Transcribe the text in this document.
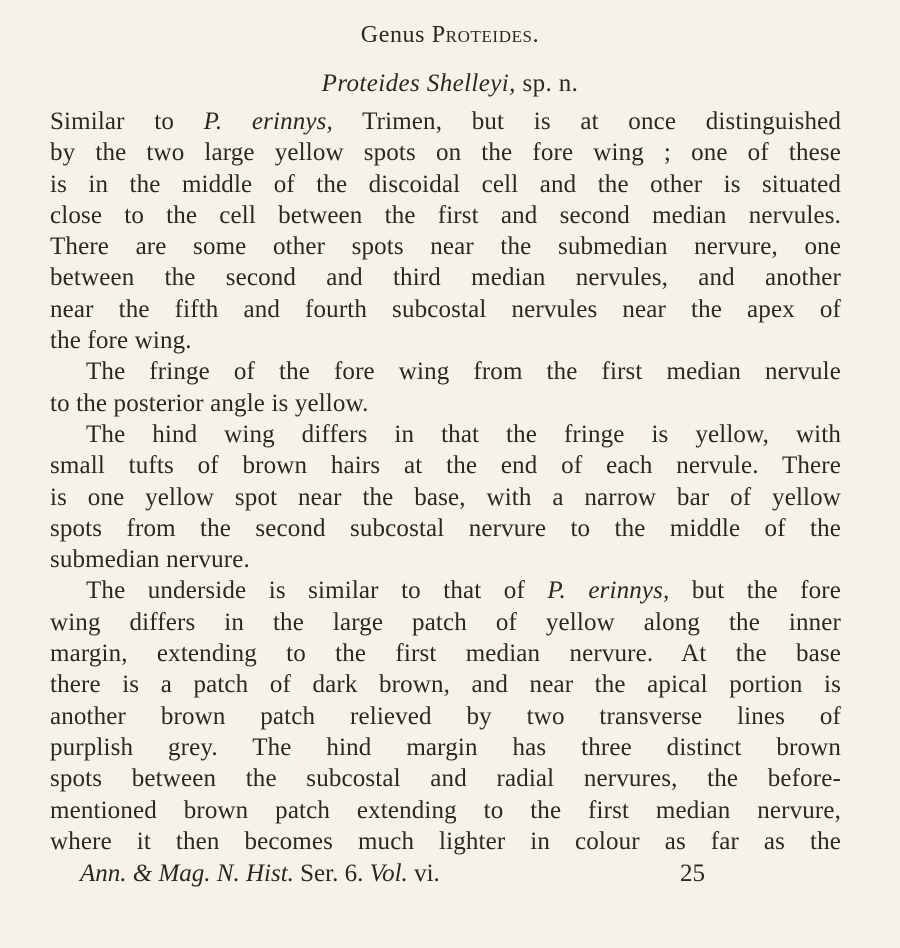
Genus Proteides.
Proteides Shelleyi, sp. n.
Similar to P. erinnys, Trimen, but is at once distinguished
by the two large yellow spots on the fore wing ; one of these
is in the middle of the discoidal cell and the other is situated
close to the cell between the first and second median nervules.
There are some other spots near the submedian nervure, one
between the second and third median nervules, and another
near the fifth and fourth subcostal nervules near the apex of
the fore wing.
The fringe of the fore wing from the first median nervule
to the posterior angle is yellow.
The hind wing differs in that the fringe is yellow, with
small tufts of brown hairs at the end of each nervule. There
is one yellow spot near the base, with a narrow bar of yellow
spots from the second subcostal nervure to the middle of the
submedian nervure.
The underside is similar to that of P. erinnys, but the fore
wing differs in the large patch of yellow along the inner
margin, extending to the first median nervure. At the base
there is a patch of dark brown, and near the apical portion is
another brown patch relieved by two transverse lines of
purplish grey. The hind margin has three distinct brown
spots between the subcostal and radial nervures, the before-
mentioned brown patch extending to the first median nervure,
where it then becomes much lighter in colour as far as the
Ann. & Mag. N. Hist. Ser. 6. Vol. vi.	25
